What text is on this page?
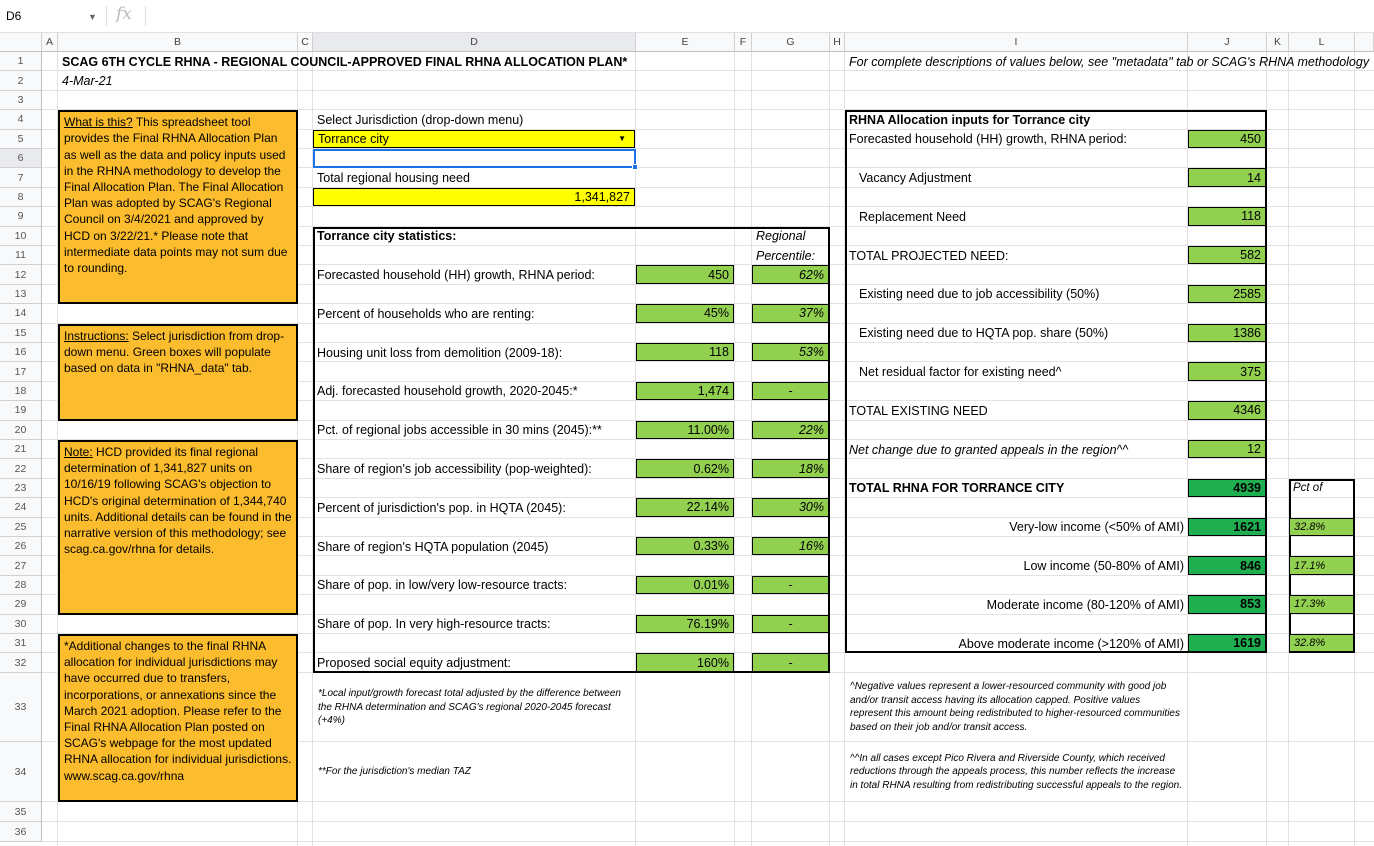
D6	▼ fx
A	B	C	D	E	F	G	H	I	J	K	L
1
2
3
4
5
6
7
8
9
10
11
12
13
14
15
16
17
18
19
20
21
22
23
24
25
26
27
28
29
30
31
32
33
34
35
36
SCAG 6TH CYCLE RHNA - REGIONAL COUNCIL-APPROVED FINAL RHNA ALLOCATION PLAN*
4-Mar-21
For complete descriptions of values below, see "metadata" tab or SCAG's RHNA methodology
What is this? This spreadsheet tool provides the Final RHNA Allocation Plan as well as the data and policy inputs used in the RHNA methodology to develop the Final Allocation Plan. The Final Allocation Plan was adopted by SCAG's Regional Council on 3/4/2021 and approved by HCD on 3/22/21.* Please note that intermediate data points may not sum due to rounding.
Instructions: Select jurisdiction from drop-down menu. Green boxes will populate based on data in "RHNA_data" tab.
Note: HCD provided its final regional determination of 1,341,827 units on 10/16/19 following SCAG's objection to HCD's original determination of 1,344,740 units. Additional details can be found in the narrative version of this methodology; see scag.ca.gov/rhna for details.
*Additional changes to the final RHNA allocation for individual jurisdictions may have occurred due to transfers, incorporations, or annexations since the March 2021 adoption. Please refer to the Final RHNA Allocation Plan posted on SCAG's webpage for the most updated RHNA allocation for individual jurisdictions. www.scag.ca.gov/rhna
Select Jurisdiction (drop-down menu)
Torrance city	▼
Total regional housing need
1,341,827
Torrance city statistics:	Regional
Percentile:
Forecasted household (HH) growth, RHNA period:	450	62%
Percent of households who are renting:	45%	37%
Housing unit loss from demolition (2009-18):	118	53%
Adj. forecasted household growth, 2020-2045:*	1,474	-
Pct. of regional jobs accessible in 30 mins (2045):**	11.00%	22%
Share of region's job accessibility (pop-weighted):	0.62%	18%
Percent of jurisdiction's pop. in HQTA (2045):	22.14%	30%
Share of region's HQTA population (2045)	0.33%	16%
Share of pop. in low/very low-resource tracts:	0.01%	-
Share of pop. In very high-resource tracts:	76.19%	-
Proposed social equity adjustment:	160%	-
*Local input/growth forecast total adjusted by the difference between the RHNA determination and SCAG's regional 2020-2045 forecast (+4%)
**For the jurisdiction's median TAZ
RHNA Allocation inputs for Torrance city
Forecasted household (HH) growth, RHNA period:	450
Vacancy Adjustment	14
Replacement Need	118
TOTAL PROJECTED NEED:	582
Existing need due to job accessibility (50%)	2585
Existing need due to HQTA pop. share (50%)	1386
Net residual factor for existing need^	375
TOTAL EXISTING NEED	4346
Net change due to granted appeals in the region^^	12
TOTAL RHNA FOR TORRANCE CITY	4939	Pct of
Very-low income (<50% of AMI)	1621	32.8%
Low income (50-80% of AMI)	846	17.1%
Moderate income (80-120% of AMI)	853	17.3%
Above moderate income (>120% of AMI)	1619	32.8%
^Negative values represent a lower-resourced community with good job and/or transit access having its allocation capped. Positive values represent this amount being redistributed to higher-resourced communities based on their job and/or transit access.
^^In all cases except Pico Rivera and Riverside County, which received reductions through the appeals process, this number reflects the increase in total RHNA resulting from redistributing successful appeals to the region.
